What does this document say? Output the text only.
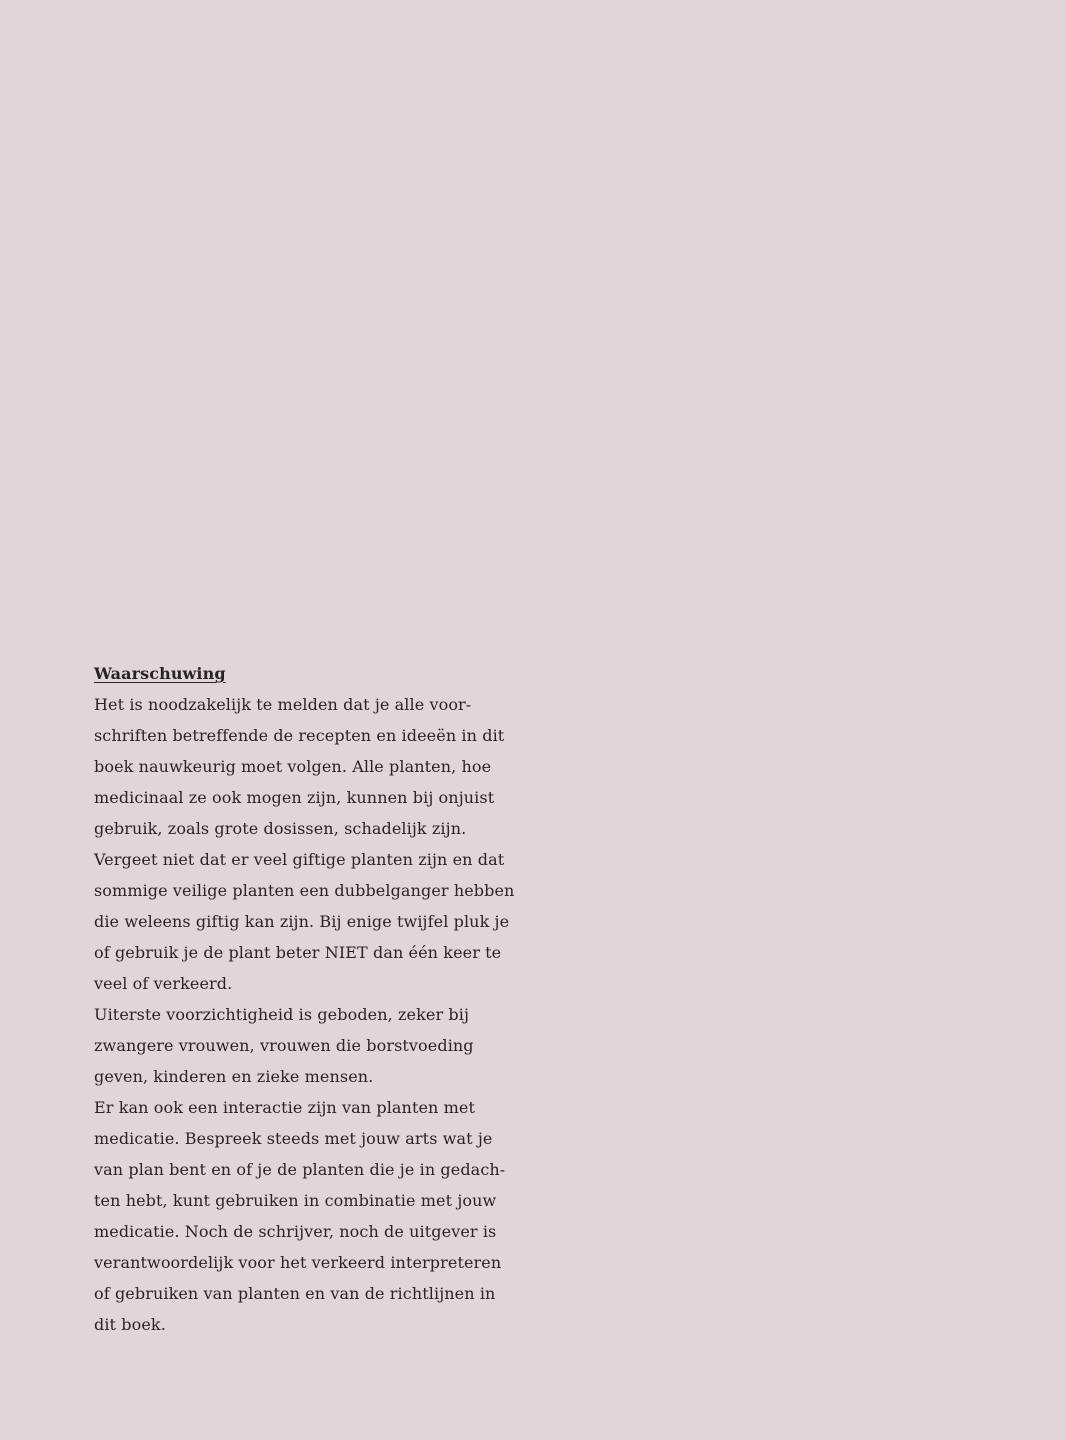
Waarschuwing
Het is noodzakelijk te melden dat je alle voor-
schriften betreffende de recepten en ideeën in dit
boek nauwkeurig moet volgen. Alle planten, hoe
medicinaal ze ook mogen zijn, kunnen bij onjuist
gebruik, zoals grote dosissen, schadelijk zijn.
Vergeet niet dat er veel giftige planten zijn en dat
sommige veilige planten een dubbelganger hebben
die weleens giftig kan zijn. Bij enige twijfel pluk je
of gebruik je de plant beter NIET dan één keer te
veel of verkeerd.
Uiterste voorzichtigheid is geboden, zeker bij
zwangere vrouwen, vrouwen die borstvoeding
geven, kinderen en zieke mensen.
Er kan ook een interactie zijn van planten met
medicatie. Bespreek steeds met jouw arts wat je
van plan bent en of je de planten die je in gedach-
ten hebt, kunt gebruiken in combinatie met jouw
medicatie. Noch de schrijver, noch de uitgever is
verantwoordelijk voor het verkeerd interpreteren
of gebruiken van planten en van de richtlijnen in
dit boek.
